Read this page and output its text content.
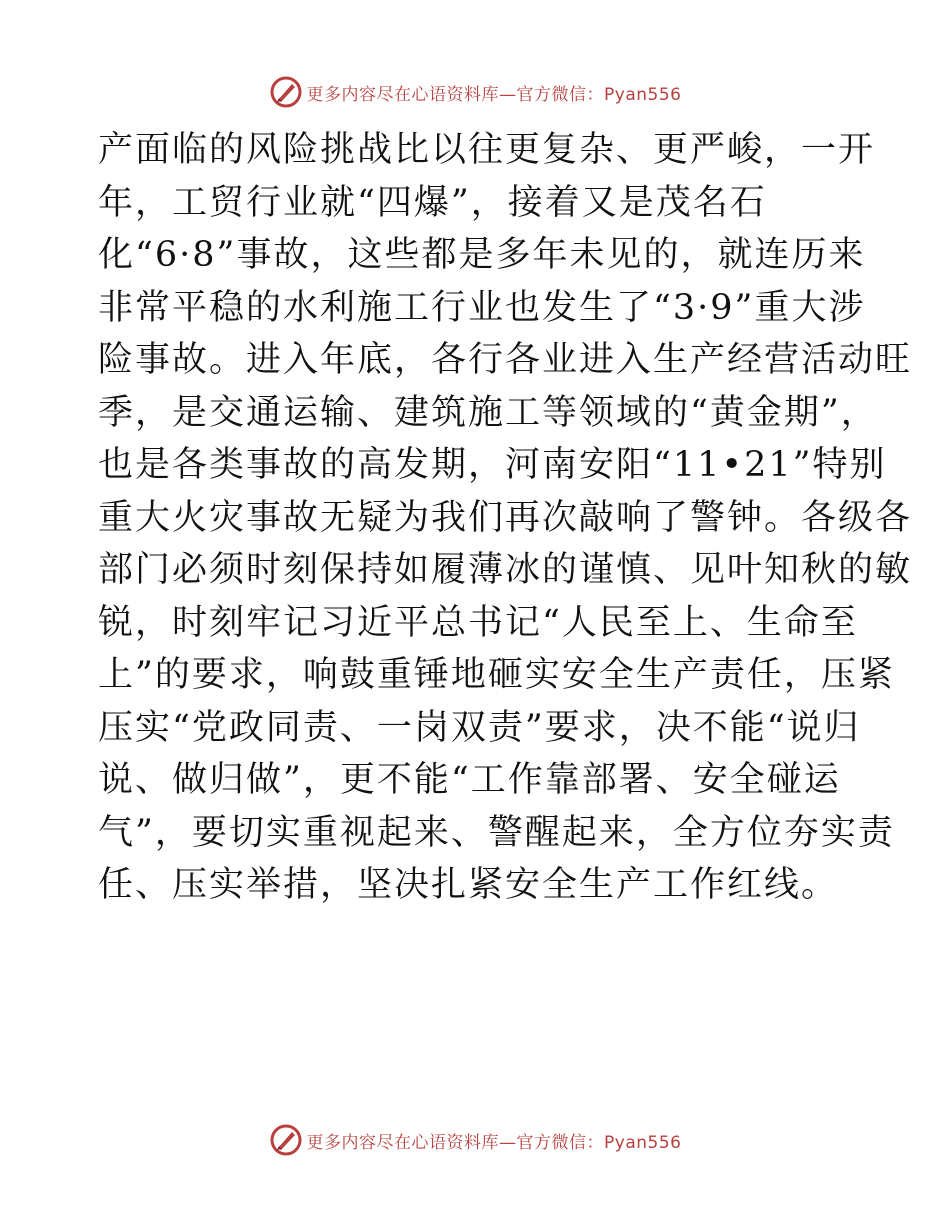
更多内容尽在心语资料库—官方微信：Pyan556
产面临的风险挑战比以往更复杂、更严峻，一开
年，工贸行业就“四爆”，接着又是茂名石
化“6·8”事故，这些都是多年未见的，就连历来
非常平稳的水利施工行业也发生了“3·9”重大涉
险事故。进入年底，各行各业进入生产经营活动旺
季，是交通运输、建筑施工等领域的“黄金期”，
也是各类事故的高发期，河南安阳“11•21”特别
重大火灾事故无疑为我们再次敲响了警钟。各级各
部门必须时刻保持如履薄冰的谨慎、见叶知秋的敏
锐，时刻牢记习近平总书记“人民至上、生命至
上”的要求，响鼓重锤地砸实安全生产责任，压紧
压实“党政同责、一岗双责”要求，决不能“说归
说、做归做”，更不能“工作靠部署、安全碰运
气”，要切实重视起来、警醒起来，全方位夯实责
任、压实举措，坚决扎紧安全生产工作红线。
更多内容尽在心语资料库—官方微信：Pyan556
